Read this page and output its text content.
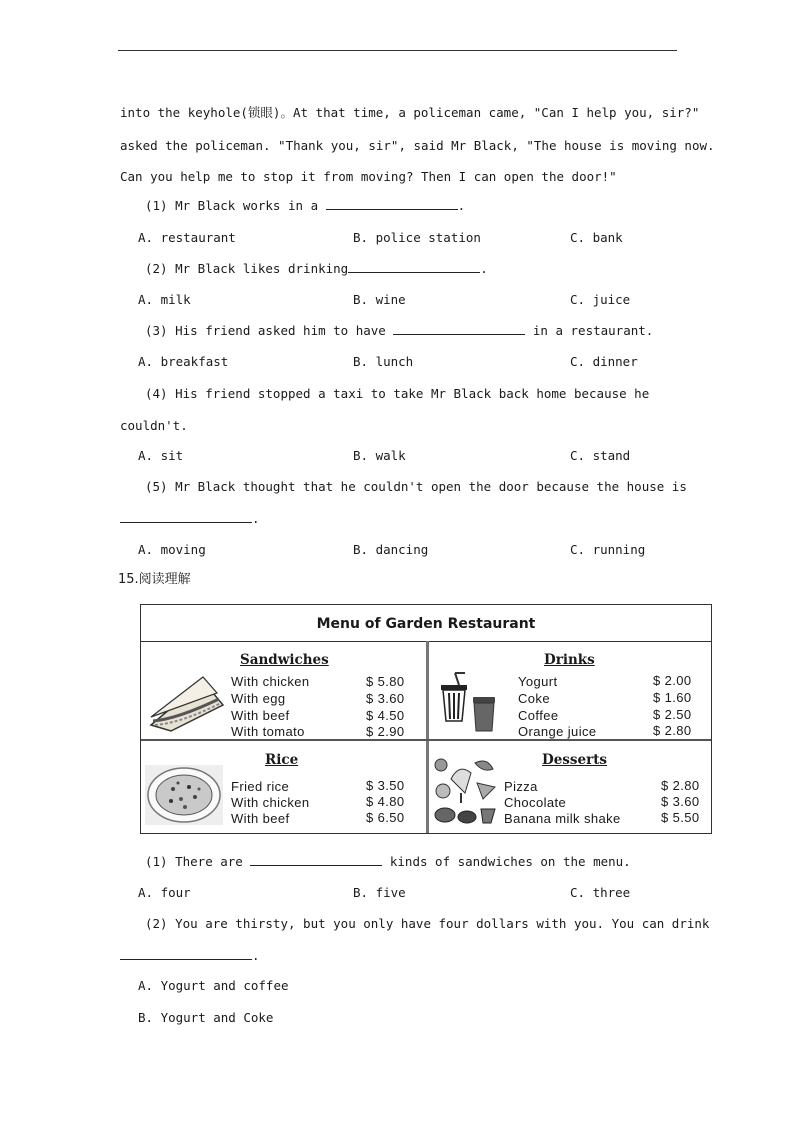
into the keyhole(锁眼)。At that time, a policeman came, "Can I help you, sir?"
asked the policeman. "Thank you, sir", said Mr Black, "The house is moving now.
Can you help me to stop it from moving? Then I can open the door!"
(1) Mr Black works in a	.
A. restaurant	B. police station	C. bank
(2) Mr Black likes drinking	.
A. milk	B. wine	C. juice
(3) His friend asked him to have	in a restaurant.
A. breakfast	B. lunch	C. dinner
(4) His friend stopped a taxi to take Mr Black back home because he
couldn't.
A. sit	B. walk	C. stand
(5) Mr Black thought that he couldn't open the door because the house is
.
A. moving	B. dancing	C. running
15.阅读理解
Menu of Garden Restaurant
Sandwiches
With chicken	$ 5.80
With egg	$ 3.60
With beef	$ 4.50
With tomato	$ 2.90
Drinks
Yogurt	$ 2.00
Coke	$ 1.60
Coffee	$ 2.50
Orange juice	$ 2.80
Rice
Fried rice	$ 3.50
With chicken	$ 4.80
With beef	$ 6.50
Desserts
Pizza	$ 2.80
Chocolate	$ 3.60
Banana milk shake	$ 5.50
(1) There are	kinds of sandwiches on the menu.
A. four	B. five	C. three
(2) You are thirsty, but you only have four dollars with you. You can drink
.
A. Yogurt and coffee
B. Yogurt and Coke
